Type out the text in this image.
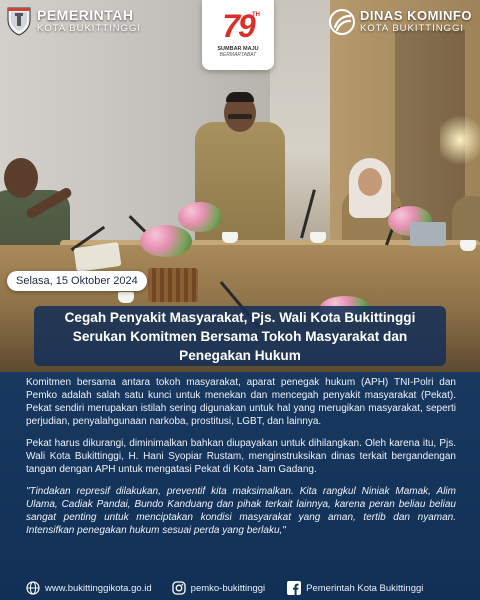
PEMERINTAH
KOTA BUKITTINGGI	79
TH
SUMBAR MAJU
BERMARTABAT
DINAS KOMINFO
KOTA BUKITTINGGI
Selasa, 15 Oktober 2024
Cegah Penyakit Masyarakat, Pjs. Wali Kota Bukittinggi Serukan Komitmen Bersama Tokoh Masyarakat dan Penegakan Hukum

Komitmen bersama antara tokoh masyarakat, aparat penegak hukum (APH) TNI-Polri dan Pemko adalah salah satu kunci untuk menekan dan mencegah penyakit masyarakat (Pekat). Pekat sendiri merupakan istilah sering digunakan untuk hal yang merugikan masyarakat, seperti perjudian, penyalahgunaan narkoba, prostitusi, LGBT, dan lainnya.

Pekat harus dikurangi, diminimalkan bahkan diupayakan untuk dihilangkan. Oleh karena itu, Pjs. Wali Kota Bukittinggi, H. Hani Syopiar Rustam, menginstruksikan dinas terkait bergandengan tangan dengan APH untuk mengatasi Pekat di Kota Jam Gadang.

"Tindakan represif dilakukan, preventif kita maksimalkan. Kita rangkul Niniak Mamak, Alim Ulama, Cadiak Pandai, Bundo Kanduang dan pihak terkait lainnya, karena peran beliau beliau sangat penting untuk menciptakan kondisi masyarakat yang aman, tertib dan nyaman. Intensifkan penegakan hukum sesuai perda yang berlaku,"

www.bukittinggikota.go.id	pemko-bukittinggi	Pemerintah Kota Bukittinggi
